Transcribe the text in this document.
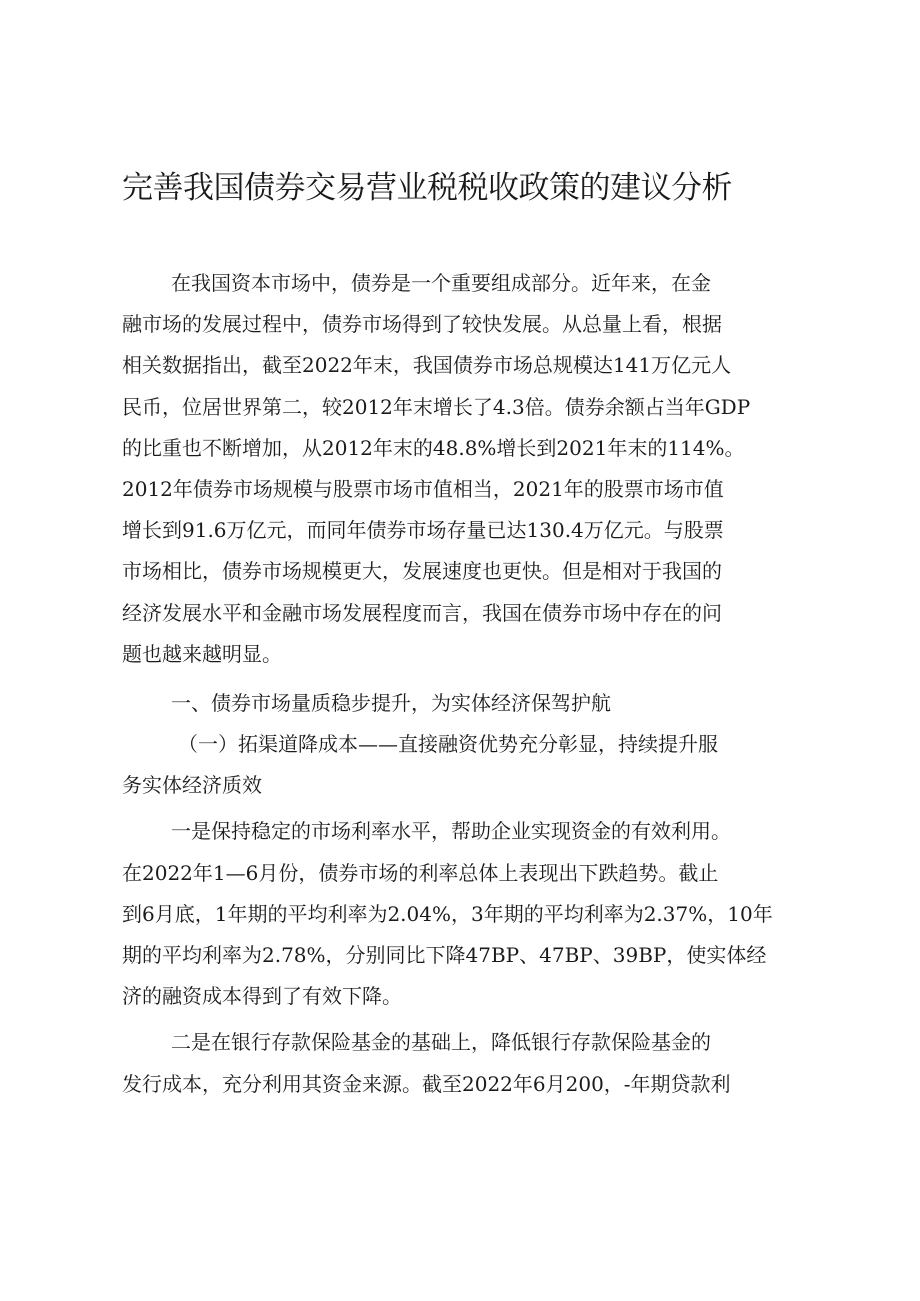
完善我国债券交易营业税税收政策的建议分析
在我国资本市场中，债券是一个重要组成部分。近年来，在金
融市场的发展过程中，债券市场得到了较快发展。从总量上看，根据
相关数据指出，截至2022年末，我国债券市场总规模达141万亿元人
民币，位居世界第二，较2012年末增长了4.3倍。债券余额占当年GDP
的比重也不断增加，从2012年末的48.8%增长到2021年末的114%。
2012年债券市场规模与股票市场市值相当，2021年的股票市场市值
增长到91.6万亿元，而同年债券市场存量已达130.4万亿元。与股票
市场相比，债券市场规模更大，发展速度也更快。但是相对于我国的
经济发展水平和金融市场发展程度而言，我国在债券市场中存在的问
题也越来越明显。
一、债券市场量质稳步提升，为实体经济保驾护航
（一）拓渠道降成本——直接融资优势充分彰显，持续提升服
务实体经济质效
一是保持稳定的市场利率水平，帮助企业实现资金的有效利用。
在2022年1—6月份，债券市场的利率总体上表现出下跌趋势。截止
到6月底，1年期的平均利率为2.04%，3年期的平均利率为2.37%，10年
期的平均利率为2.78%，分别同比下降47BP、47BP、39BP，使实体经
济的融资成本得到了有效下降。
二是在银行存款保险基金的基础上，降低银行存款保险基金的
发行成本，充分利用其资金来源。截至2022年6月200，-年期贷款利
